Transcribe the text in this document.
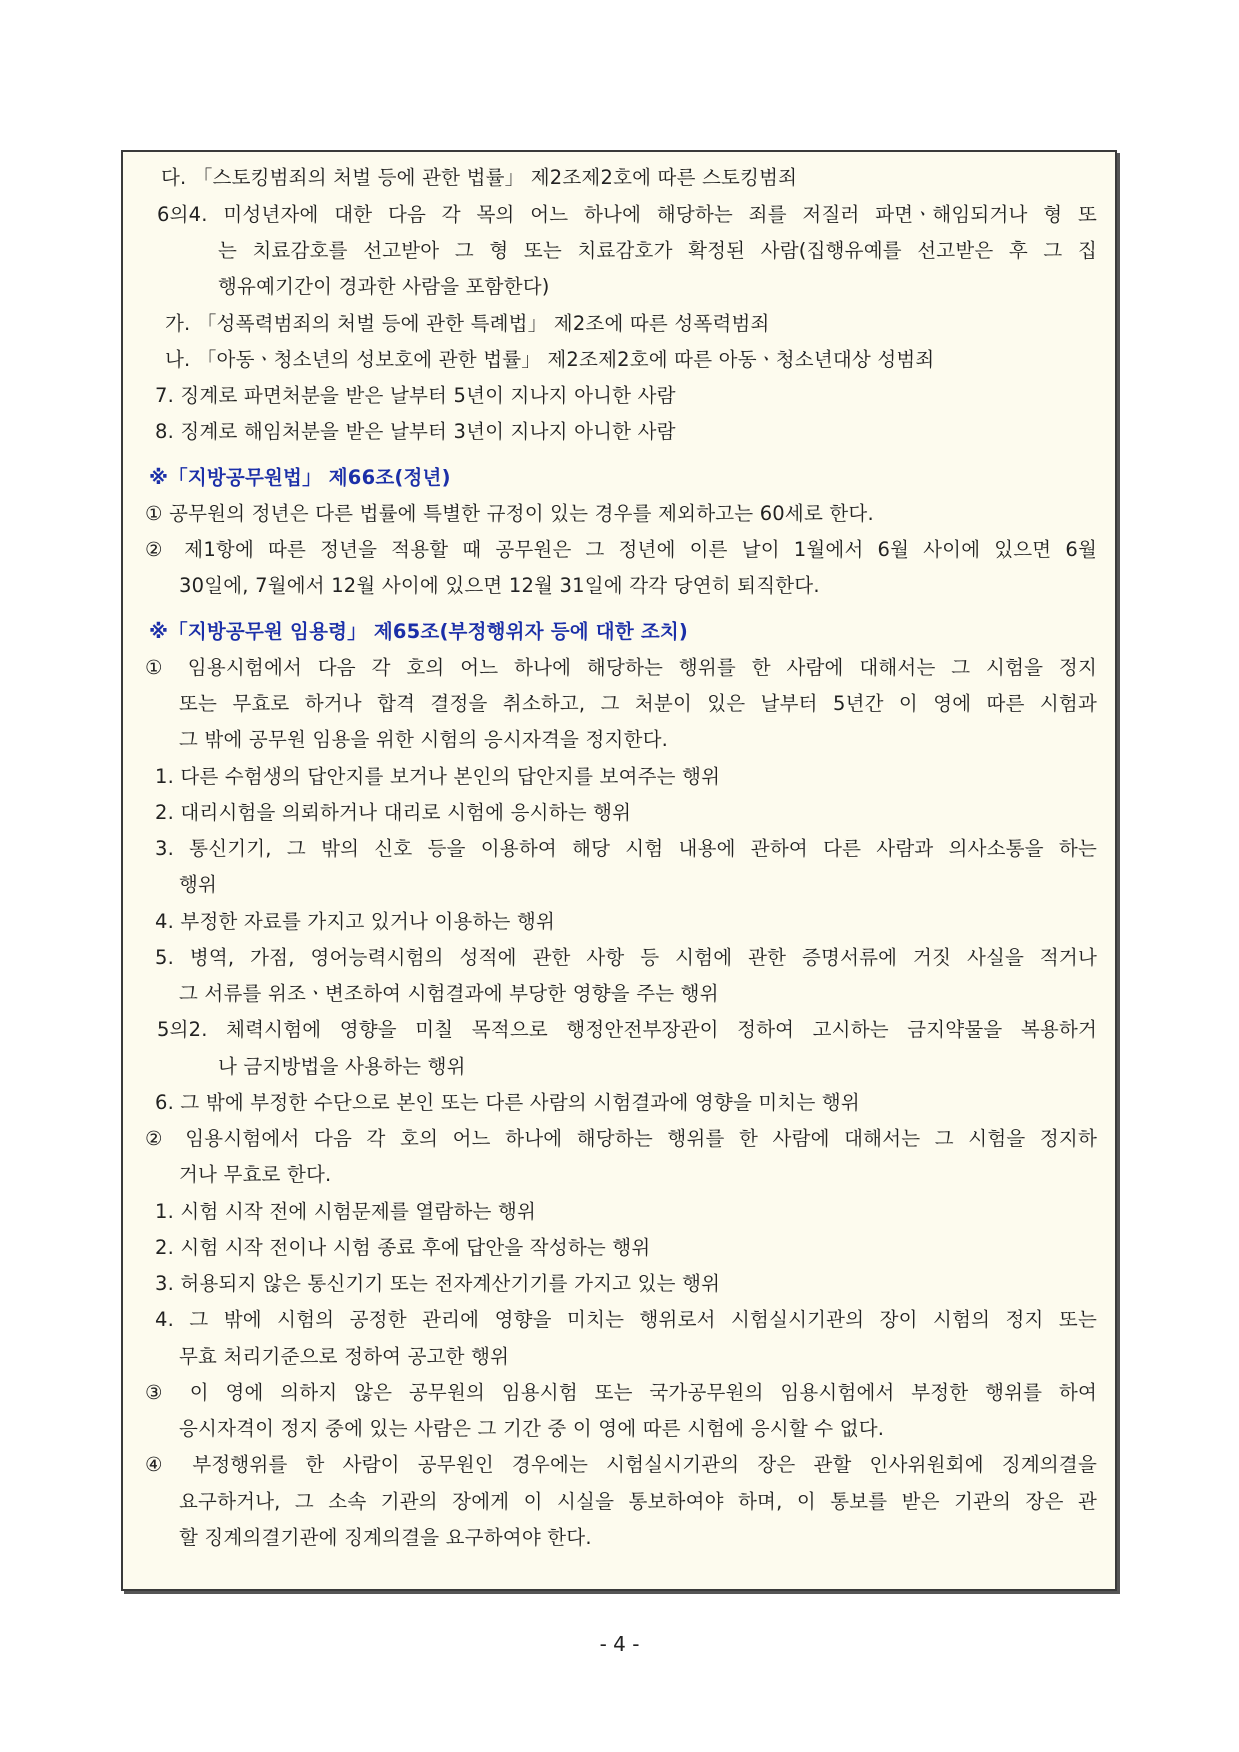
다. 「스토킹범죄의 처벌 등에 관한 법률」 제2조제2호에 따른 스토킹범죄
6의4. 미성년자에 대한 다음 각 목의 어느 하나에 해당하는 죄를 저질러 파면ㆍ해임되거나 형 또
는 치료감호를 선고받아 그 형 또는 치료감호가 확정된 사람(집행유예를 선고받은 후 그 집
행유예기간이 경과한 사람을 포함한다)
가. 「성폭력범죄의 처벌 등에 관한 특례법」 제2조에 따른 성폭력범죄
나. 「아동ㆍ청소년의 성보호에 관한 법률」 제2조제2호에 따른 아동ㆍ청소년대상 성범죄
7. 징계로 파면처분을 받은 날부터 5년이 지나지 아니한 사람
8. 징계로 해임처분을 받은 날부터 3년이 지나지 아니한 사람
※「지방공무원법」 제66조(정년)
① 공무원의 정년은 다른 법률에 특별한 규정이 있는 경우를 제외하고는 60세로 한다.
② 제1항에 따른 정년을 적용할 때 공무원은 그 정년에 이른 날이 1월에서 6월 사이에 있으면 6월
30일에, 7월에서 12월 사이에 있으면 12월 31일에 각각 당연히 퇴직한다.
※「지방공무원 임용령」 제65조(부정행위자 등에 대한 조치)
① 임용시험에서 다음 각 호의 어느 하나에 해당하는 행위를 한 사람에 대해서는 그 시험을 정지
또는 무효로 하거나 합격 결정을 취소하고, 그 처분이 있은 날부터 5년간 이 영에 따른 시험과
그 밖에 공무원 임용을 위한 시험의 응시자격을 정지한다.
1. 다른 수험생의 답안지를 보거나 본인의 답안지를 보여주는 행위
2. 대리시험을 의뢰하거나 대리로 시험에 응시하는 행위
3. 통신기기, 그 밖의 신호 등을 이용하여 해당 시험 내용에 관하여 다른 사람과 의사소통을 하는
행위
4. 부정한 자료를 가지고 있거나 이용하는 행위
5. 병역, 가점, 영어능력시험의 성적에 관한 사항 등 시험에 관한 증명서류에 거짓 사실을 적거나
그 서류를 위조ㆍ변조하여 시험결과에 부당한 영향을 주는 행위
5의2. 체력시험에 영향을 미칠 목적으로 행정안전부장관이 정하여 고시하는 금지약물을 복용하거
나 금지방법을 사용하는 행위
6. 그 밖에 부정한 수단으로 본인 또는 다른 사람의 시험결과에 영향을 미치는 행위
② 임용시험에서 다음 각 호의 어느 하나에 해당하는 행위를 한 사람에 대해서는 그 시험을 정지하
거나 무효로 한다.
1. 시험 시작 전에 시험문제를 열람하는 행위
2. 시험 시작 전이나 시험 종료 후에 답안을 작성하는 행위
3. 허용되지 않은 통신기기 또는 전자계산기기를 가지고 있는 행위
4. 그 밖에 시험의 공정한 관리에 영향을 미치는 행위로서 시험실시기관의 장이 시험의 정지 또는
무효 처리기준으로 정하여 공고한 행위
③ 이 영에 의하지 않은 공무원의 임용시험 또는 국가공무원의 임용시험에서 부정한 행위를 하여
응시자격이 정지 중에 있는 사람은 그 기간 중 이 영에 따른 시험에 응시할 수 없다.
④ 부정행위를 한 사람이 공무원인 경우에는 시험실시기관의 장은 관할 인사위원회에 징계의결을
요구하거나, 그 소속 기관의 장에게 이 시실을 통보하여야 하며, 이 통보를 받은 기관의 장은 관
할 징계의결기관에 징계의결을 요구하여야 한다.
- 4 -
